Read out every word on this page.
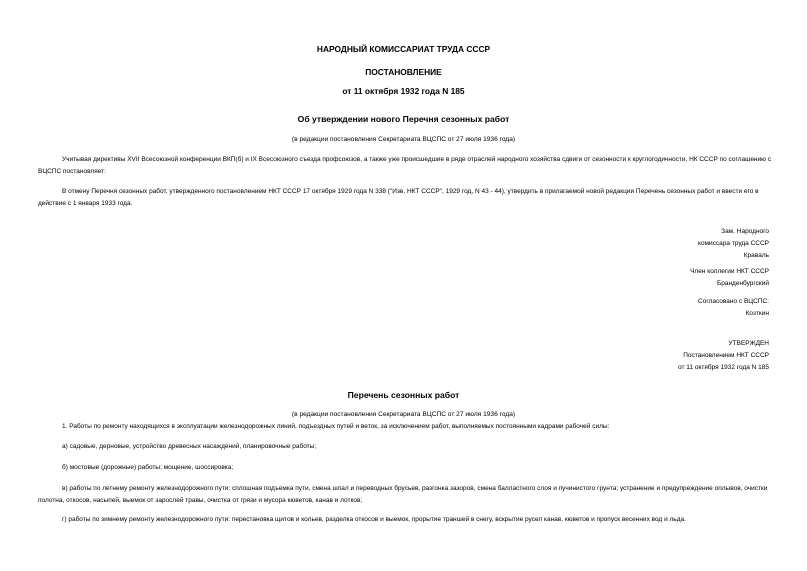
НАРОДНЫЙ КОМИССАРИАТ ТРУДА СССР
ПОСТАНОВЛЕНИЕ
от 11 октября 1932 года N 185
Об утверждении нового Перечня сезонных работ
(в редакции постановления Секретариата ВЦСПС от 27 июля 1936 года)
Учитывая директивы XVII Всесоюзной конференции ВКП(б) и IX Всесоюзного съезда профсоюзов, а также уже происшедшие в ряде отраслей народного хозяйства сдвиги от сезонности к круглогодичности, НК СССР по соглашению с ВЦСПС постановляет:
В отмену Перечня сезонных работ, утвержденного постановлением НКТ СССР 17 октября 1929 года N 338 ("Изв. НКТ СССР", 1929 год, N 43 - 44), утвердить в прилагаемой новой редакции Перечень сезонных работ и ввести его в действие с 1 января 1933 года.
Зам. Народного
комиссара труда СССР
Кравaль
Член коллегии НКТ СССР
Бранденбургский
Согласовано с ВЦСПС:
Козткин
УТВЕРЖДЕН
Постановлением НКТ СССР
от 11 октября 1932 года N 185
Перечень сезонных работ
(в редакции постановления Секретариата ВЦСПС от 27 июля 1936 года)
1. Работы по ремонту находящихся в эксплуатации железнодорожных линий, подъездных путей и веток, за исключением работ, выполняемых постоянными кадрами рабочей силы:
а) садовые, дерновые, устройство древесных насаждений, планировочные работы;
б) мостовые (дорожные) работы; мощение, шоссировка;
в) работы по летнему ремонту железнодорожного пути: сплошная подъемка пути, смена шпал и переводных брусьев, разгонка зазоров, смена балластного слоя и пучинистого грунта; устранение и предупреждение оплывов, очистки полотна, откосов, насыпей, выемок от зарослей травы, очистка от грязи и мусора кюветов, канав и лотков;
г) работы по зимнему ремонту железнодорожного пути: перестановка щитов и кольев, разделка откосов и выемок, прорытие траншей в снегу, вскрытие русел канав, кюветов и пропуск весенних вод и льда.
